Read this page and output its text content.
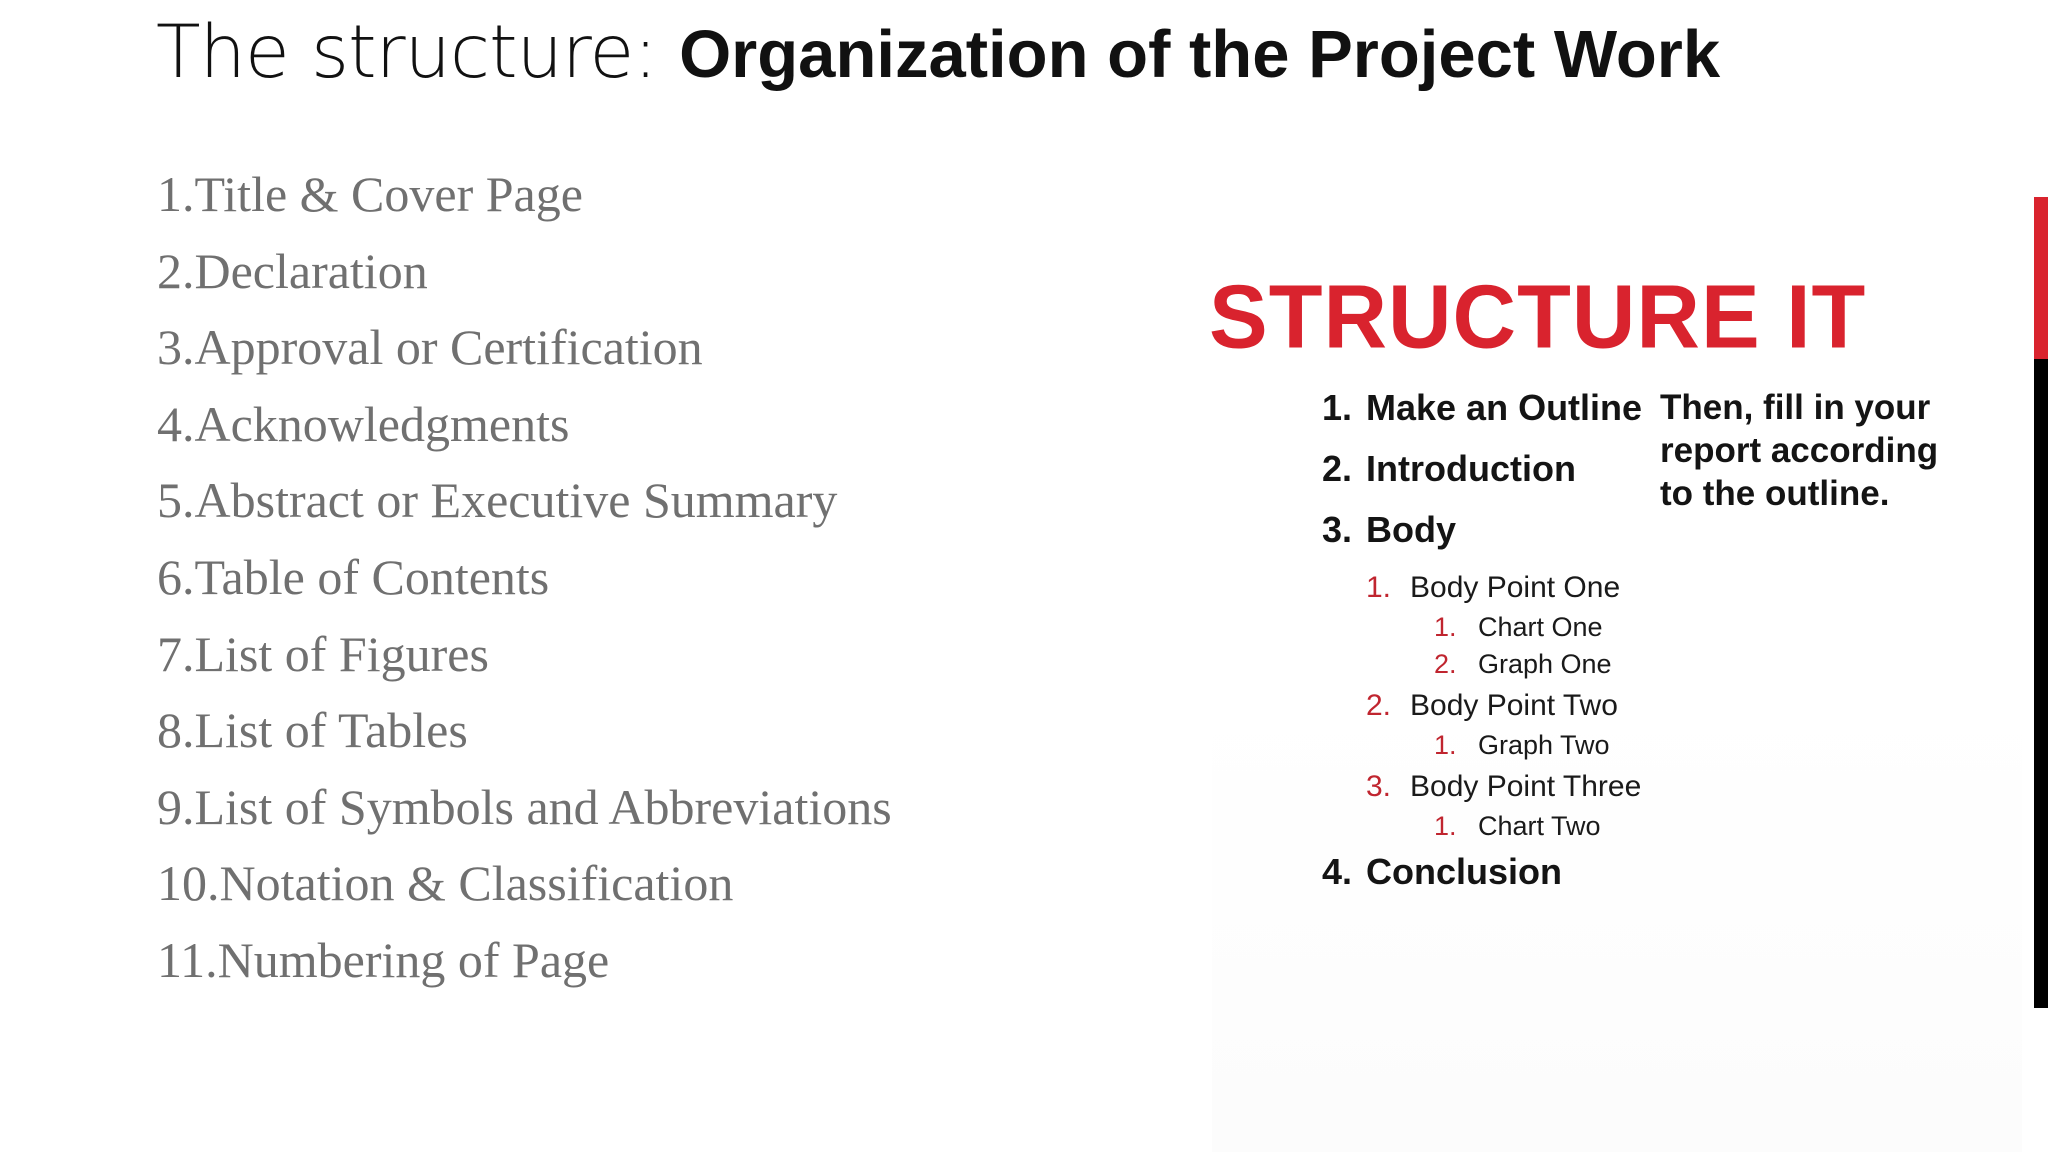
The structure: Organization of the Project Work
1.Title & Cover Page
2.Declaration
3.Approval or Certification
4.Acknowledgments
5.Abstract or Executive Summary
6.Table of Contents
7.List of Figures
8.List of Tables
9.List of Symbols and Abbreviations
10.Notation & Classification
11.Numbering of Page
STRUCTURE IT
1. Make an Outline
2. Introduction
3. Body
1. Body Point One
1. Chart One
2. Graph One
2. Body Point Two
1. Graph Two
3. Body Point Three
1. Chart Two
4. Conclusion
Then, fill in your report according to the outline.
